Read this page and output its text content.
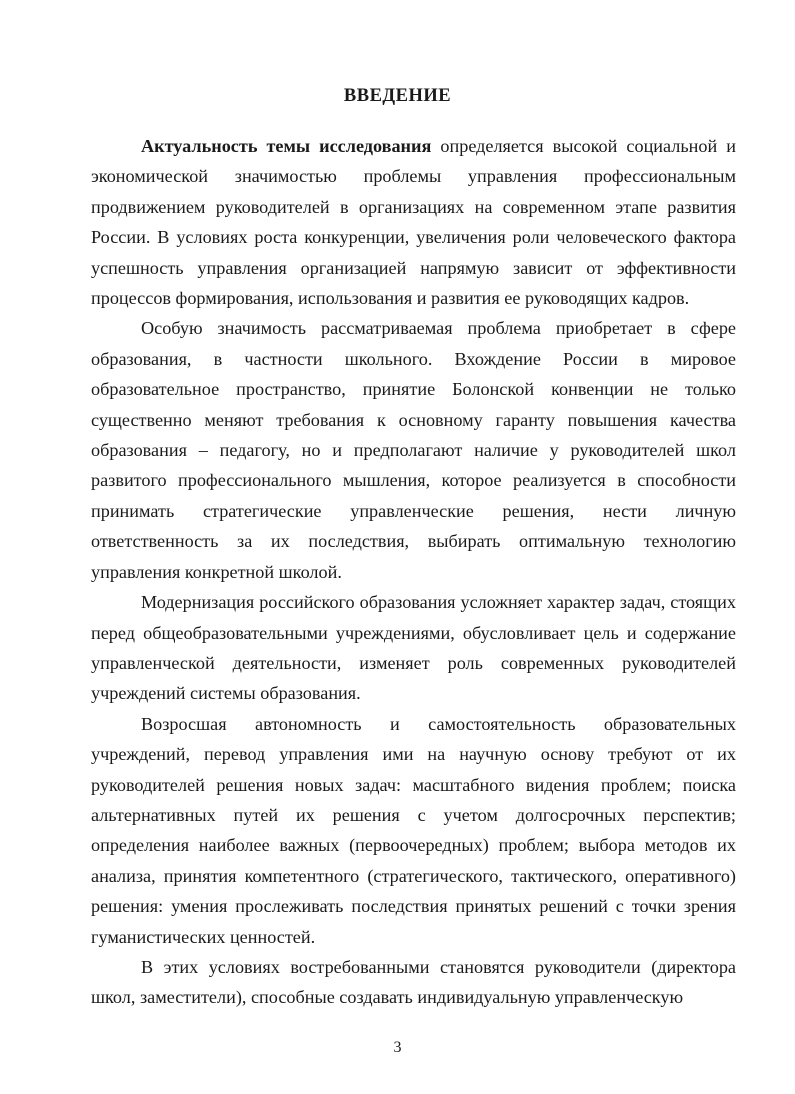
ВВЕДЕНИЕ

Актуальность темы исследования определяется высокой социальной и экономической значимостью проблемы управления профессиональным продвижением руководителей в организациях на современном этапе развития России. В условиях роста конкуренции, увеличения роли человеческого фактора успешность управления организацией напрямую зависит от эффективности процессов формирования, использования и развития ее руководящих кадров.

Особую значимость рассматриваемая проблема приобретает в сфере образования, в частности школьного. Вхождение России в мировое образовательное пространство, принятие Болонской конвенции не только существенно меняют требования к основному гаранту повышения качества образования – педагогу, но и предполагают наличие у руководителей школ развитого профессионального мышления, которое реализуется в способности принимать стратегические управленческие решения, нести личную ответственность за их последствия, выбирать оптимальную технологию управления конкретной школой.

Модернизация российского образования усложняет характер задач, стоящих перед общеобразовательными учреждениями, обусловливает цель и содержание управленческой деятельности, изменяет роль современных руководителей учреждений системы образования.

Возросшая автономность и самостоятельность образовательных учреждений, перевод управления ими на научную основу требуют от их руководителей решения новых задач: масштабного видения проблем; поиска альтернативных путей их решения с учетом долгосрочных перспектив; определения наиболее важных (первоочередных) проблем; выбора методов их анализа, принятия компетентного (стратегического, тактического, оперативного) решения: умения прослеживать последствия принятых решений с точки зрения гуманистических ценностей.

В этих условиях востребованными становятся руководители (директора школ, заместители), способные создавать индивидуальную управленческую

3
